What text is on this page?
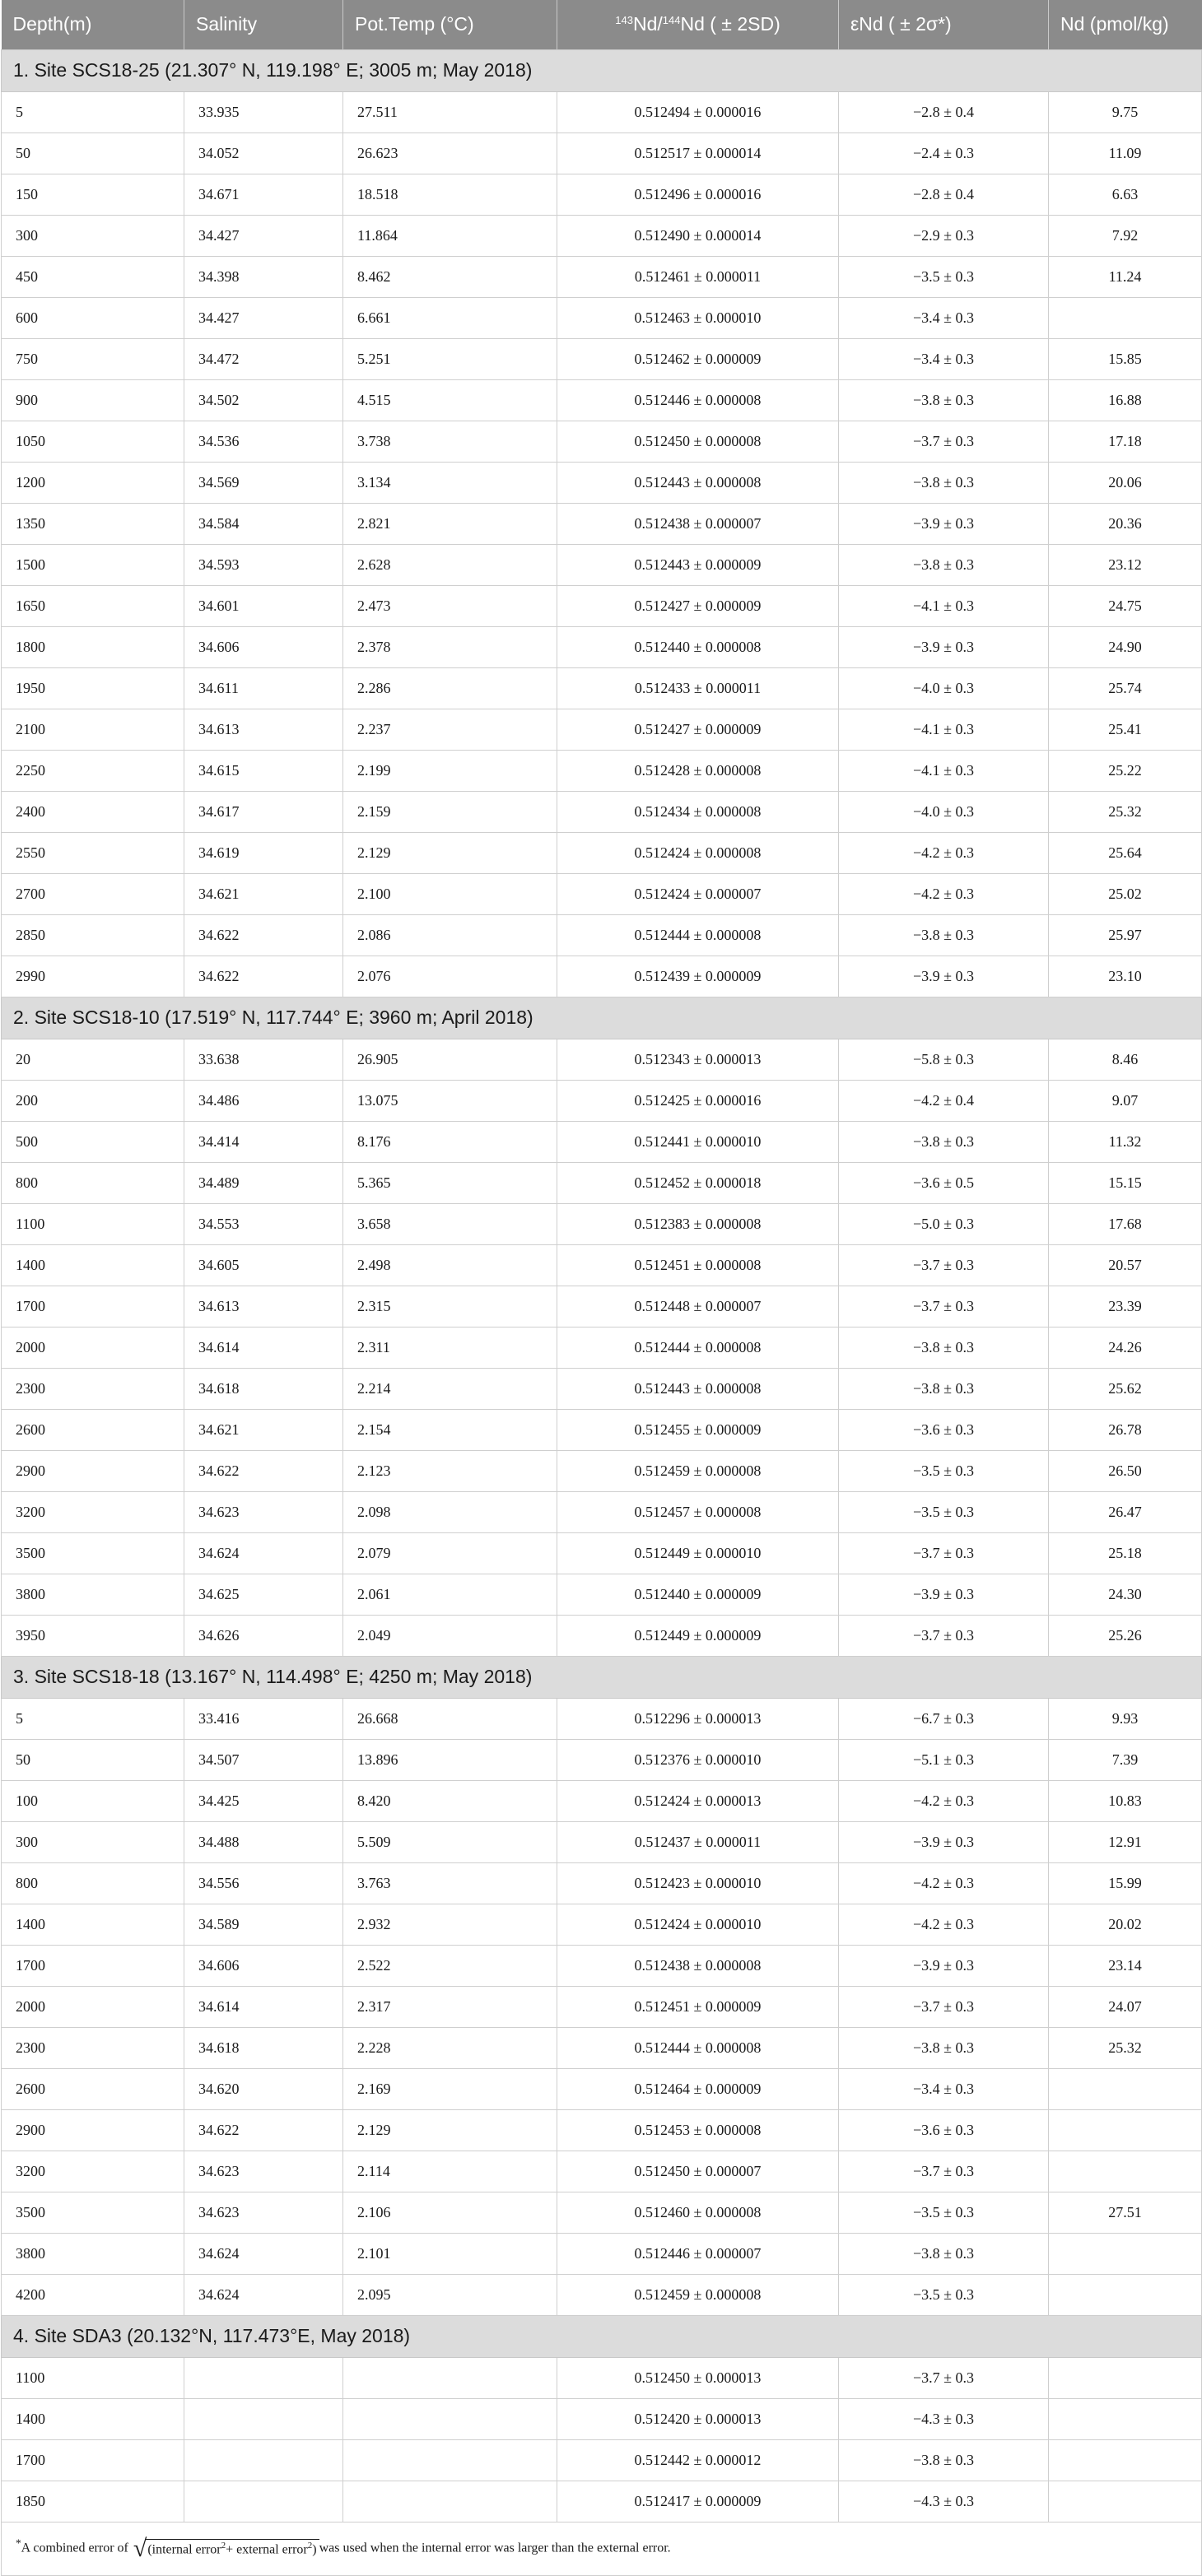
Depth(m)	Salinity	Pot.Temp (°C)	$^{143}$Nd/$^{144}$Nd ( ± 2SD)	εNd ( ± 2σ*)	Nd (pmol/kg)
1. Site SCS18-25 (21.307° N, 119.198° E; 3005 m; May 2018)					
5	33.935	27.511	0.512494 ± 0.000016	−2.8 ± 0.4	9.75
50	34.052	26.623	0.512517 ± 0.000014	−2.4 ± 0.3	11.09
150	34.671	18.518	0.512496 ± 0.000016	−2.8 ± 0.4	6.63
300	34.427	11.864	0.512490 ± 0.000014	−2.9 ± 0.3	7.92
450	34.398	8.462	0.512461 ± 0.000011	−3.5 ± 0.3	11.24
600	34.427	6.661	0.512463 ± 0.000010	−3.4 ± 0.3	
750	34.472	5.251	0.512462 ± 0.000009	−3.4 ± 0.3	15.85
900	34.502	4.515	0.512446 ± 0.000008	−3.8 ± 0.3	16.88
1050	34.536	3.738	0.512450 ± 0.000008	−3.7 ± 0.3	17.18
1200	34.569	3.134	0.512443 ± 0.000008	−3.8 ± 0.3	20.06
1350	34.584	2.821	0.512438 ± 0.000007	−3.9 ± 0.3	20.36
1500	34.593	2.628	0.512443 ± 0.000009	−3.8 ± 0.3	23.12
1650	34.601	2.473	0.512427 ± 0.000009	−4.1 ± 0.3	24.75
1800	34.606	2.378	0.512440 ± 0.000008	−3.9 ± 0.3	24.90
1950	34.611	2.286	0.512433 ± 0.000011	−4.0 ± 0.3	25.74
2100	34.613	2.237	0.512427 ± 0.000009	−4.1 ± 0.3	25.41
2250	34.615	2.199	0.512428 ± 0.000008	−4.1 ± 0.3	25.22
2400	34.617	2.159	0.512434 ± 0.000008	−4.0 ± 0.3	25.32
2550	34.619	2.129	0.512424 ± 0.000008	−4.2 ± 0.3	25.64
2700	34.621	2.100	0.512424 ± 0.000007	−4.2 ± 0.3	25.02
2850	34.622	2.086	0.512444 ± 0.000008	−3.8 ± 0.3	25.97
2990	34.622	2.076	0.512439 ± 0.000009	−3.9 ± 0.3	23.10
2. Site SCS18-10 (17.519° N, 117.744° E; 3960 m; April 2018)					
20	33.638	26.905	0.512343 ± 0.000013	−5.8 ± 0.3	8.46
200	34.486	13.075	0.512425 ± 0.000016	−4.2 ± 0.4	9.07
500	34.414	8.176	0.512441 ± 0.000010	−3.8 ± 0.3	11.32
800	34.489	5.365	0.512452 ± 0.000018	−3.6 ± 0.5	15.15
1100	34.553	3.658	0.512383 ± 0.000008	−5.0 ± 0.3	17.68
1400	34.605	2.498	0.512451 ± 0.000008	−3.7 ± 0.3	20.57
1700	34.613	2.315	0.512448 ± 0.000007	−3.7 ± 0.3	23.39
2000	34.614	2.311	0.512444 ± 0.000008	−3.8 ± 0.3	24.26
2300	34.618	2.214	0.512443 ± 0.000008	−3.8 ± 0.3	25.62
2600	34.621	2.154	0.512455 ± 0.000009	−3.6 ± 0.3	26.78
2900	34.622	2.123	0.512459 ± 0.000008	−3.5 ± 0.3	26.50
3200	34.623	2.098	0.512457 ± 0.000008	−3.5 ± 0.3	26.47
3500	34.624	2.079	0.512449 ± 0.000010	−3.7 ± 0.3	25.18
3800	34.625	2.061	0.512440 ± 0.000009	−3.9 ± 0.3	24.30
3950	34.626	2.049	0.512449 ± 0.000009	−3.7 ± 0.3	25.26
3. Site SCS18-18 (13.167° N, 114.498° E; 4250 m; May 2018)					
5	33.416	26.668	0.512296 ± 0.000013	−6.7 ± 0.3	9.93
50	34.507	13.896	0.512376 ± 0.000010	−5.1 ± 0.3	7.39
100	34.425	8.420	0.512424 ± 0.000013	−4.2 ± 0.3	10.83
300	34.488	5.509	0.512437 ± 0.000011	−3.9 ± 0.3	12.91
800	34.556	3.763	0.512423 ± 0.000010	−4.2 ± 0.3	15.99
1400	34.589	2.932	0.512424 ± 0.000010	−4.2 ± 0.3	20.02
1700	34.606	2.522	0.512438 ± 0.000008	−3.9 ± 0.3	23.14
2000	34.614	2.317	0.512451 ± 0.000009	−3.7 ± 0.3	24.07
2300	34.618	2.228	0.512444 ± 0.000008	−3.8 ± 0.3	25.32
2600	34.620	2.169	0.512464 ± 0.000009	−3.4 ± 0.3	
2900	34.622	2.129	0.512453 ± 0.000008	−3.6 ± 0.3	
3200	34.623	2.114	0.512450 ± 0.000007	−3.7 ± 0.3	
3500	34.623	2.106	0.512460 ± 0.000008	−3.5 ± 0.3	27.51
3800	34.624	2.101	0.512446 ± 0.000007	−3.8 ± 0.3	
4200	34.624	2.095	0.512459 ± 0.000008	−3.5 ± 0.3	
4. Site SDA3 (20.132°N, 117.473°E, May 2018)					
1100			0.512450 ± 0.000013	−3.7 ± 0.3	
1400			0.512420 ± 0.000013	−4.3 ± 0.3	
1700			0.512442 ± 0.000012	−3.8 ± 0.3	
1850			0.512417 ± 0.000009	−4.3 ± 0.3	
*A combined error of √(internal error$^2$+ external error$^2$) was used when the internal error was larger than the external error.					
